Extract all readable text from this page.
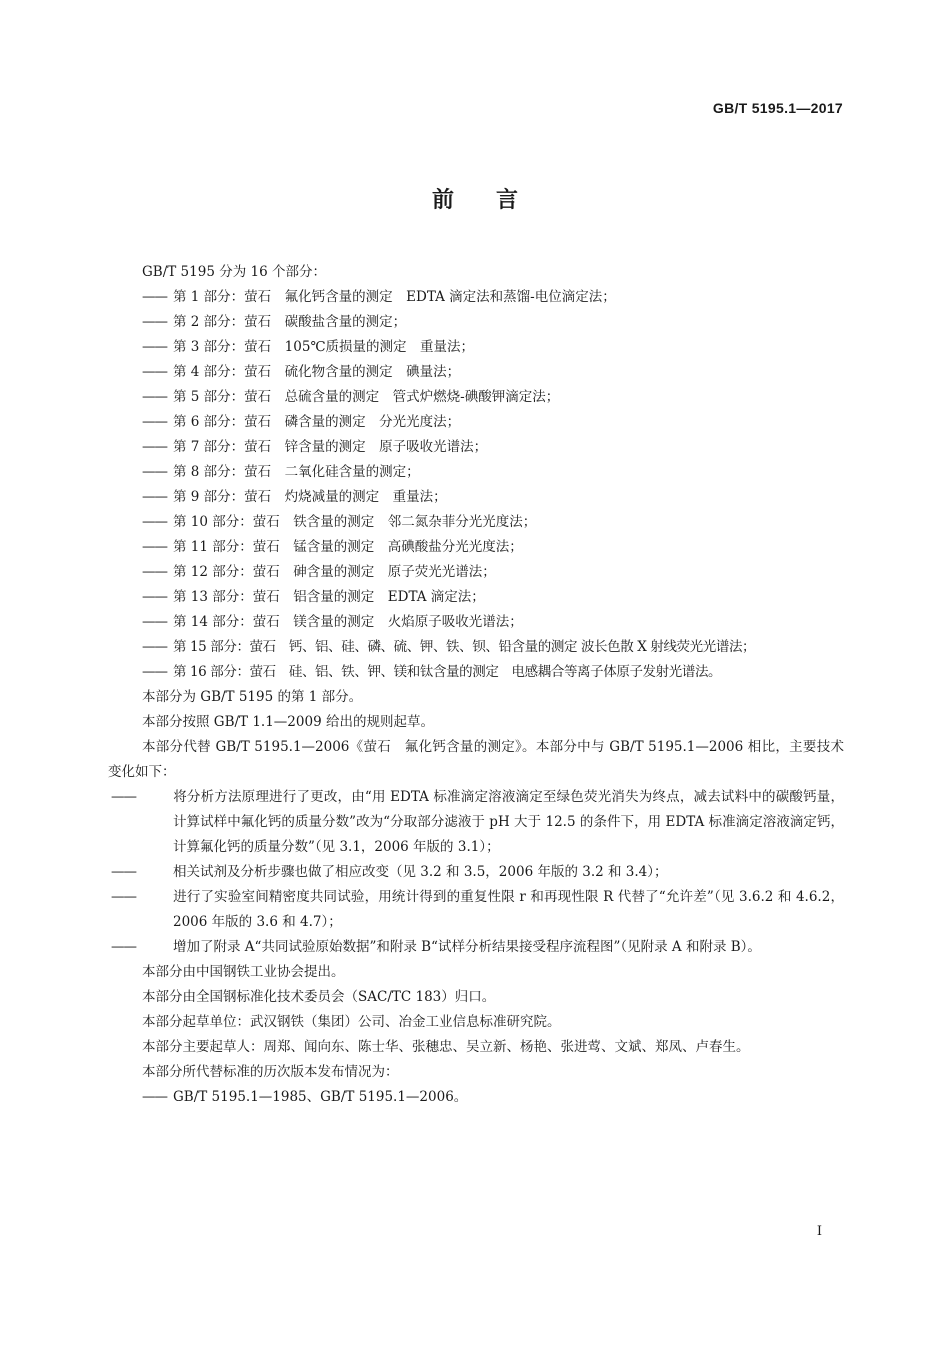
GB/T 5195.1—2017
前言

GB/T 5195 分为 16 个部分：

—— 第 1 部分：萤石　氟化钙含量的测定　EDTA 滴定法和蒸馏-电位滴定法；

—— 第 2 部分：萤石　碳酸盐含量的测定；

—— 第 3 部分：萤石　105℃质损量的测定　重量法；

—— 第 4 部分：萤石　硫化物含量的测定　碘量法；

—— 第 5 部分：萤石　总硫含量的测定　管式炉燃烧-碘酸钾滴定法；

—— 第 6 部分：萤石　磷含量的测定　分光光度法；

—— 第 7 部分：萤石　锌含量的测定　原子吸收光谱法；

—— 第 8 部分：萤石　二氧化硅含量的测定；

—— 第 9 部分：萤石　灼烧减量的测定　重量法；

—— 第 10 部分：萤石　铁含量的测定　邻二氮杂菲分光光度法；

—— 第 11 部分：萤石　锰含量的测定　高碘酸盐分光光度法；

—— 第 12 部分：萤石　砷含量的测定　原子荧光光谱法；

—— 第 13 部分：萤石　铝含量的测定　EDTA 滴定法；

—— 第 14 部分：萤石　镁含量的测定　火焰原子吸收光谱法；

—— 第 15 部分：萤石　钙、铝、硅、磷、硫、钾、铁、钡、铅含量的测定 波长色散 X 射线荧光光谱法；

—— 第 16 部分：萤石　硅、铝、铁、钾、镁和钛含量的测定　电感耦合等离子体原子发射光谱法。

本部分为 GB/T 5195 的第 1 部分。

本部分按照 GB/T 1.1—2009 给出的规则起草。

本部分代替 GB/T 5195.1—2006《萤石　氟化钙含量的测定》。本部分中与 GB/T 5195.1—2006 相比，主要技术变化如下：

——	将分析方法原理进行了更改，由“用 EDTA 标准滴定溶液滴定至绿色荧光消失为终点，减去试料中的碳酸钙量，计算试样中氟化钙的质量分数”改为“分取部分滤液于 pH 大于 12.5 的条件下，用 EDTA 标准滴定溶液滴定钙，计算氟化钙的质量分数”（见 3.1，2006 年版的 3.1）；

——	相关试剂及分析步骤也做了相应改变（见 3.2 和 3.5，2006 年版的 3.2 和 3.4）；

——	进行了实验室间精密度共同试验，用统计得到的重复性限 r 和再现性限 R 代替了“允许差”（见 3.6.2 和 4.6.2，2006 年版的 3.6 和 4.7）；

——	增加了附录 A“共同试验原始数据”和附录 B“试样分析结果接受程序流程图”（见附录 A 和附录 B）。

本部分由中国钢铁工业协会提出。

本部分由全国钢标准化技术委员会（SAC/TC 183）归口。

本部分起草单位：武汉钢铁（集团）公司、冶金工业信息标准研究院。

本部分主要起草人：周郑、闻向东、陈士华、张穗忠、吴立新、杨艳、张进莺、文斌、郑凤、卢春生。

本部分所代替标准的历次版本发布情况为：

—— GB/T 5195.1—1985、GB/T 5195.1—2006。

I
